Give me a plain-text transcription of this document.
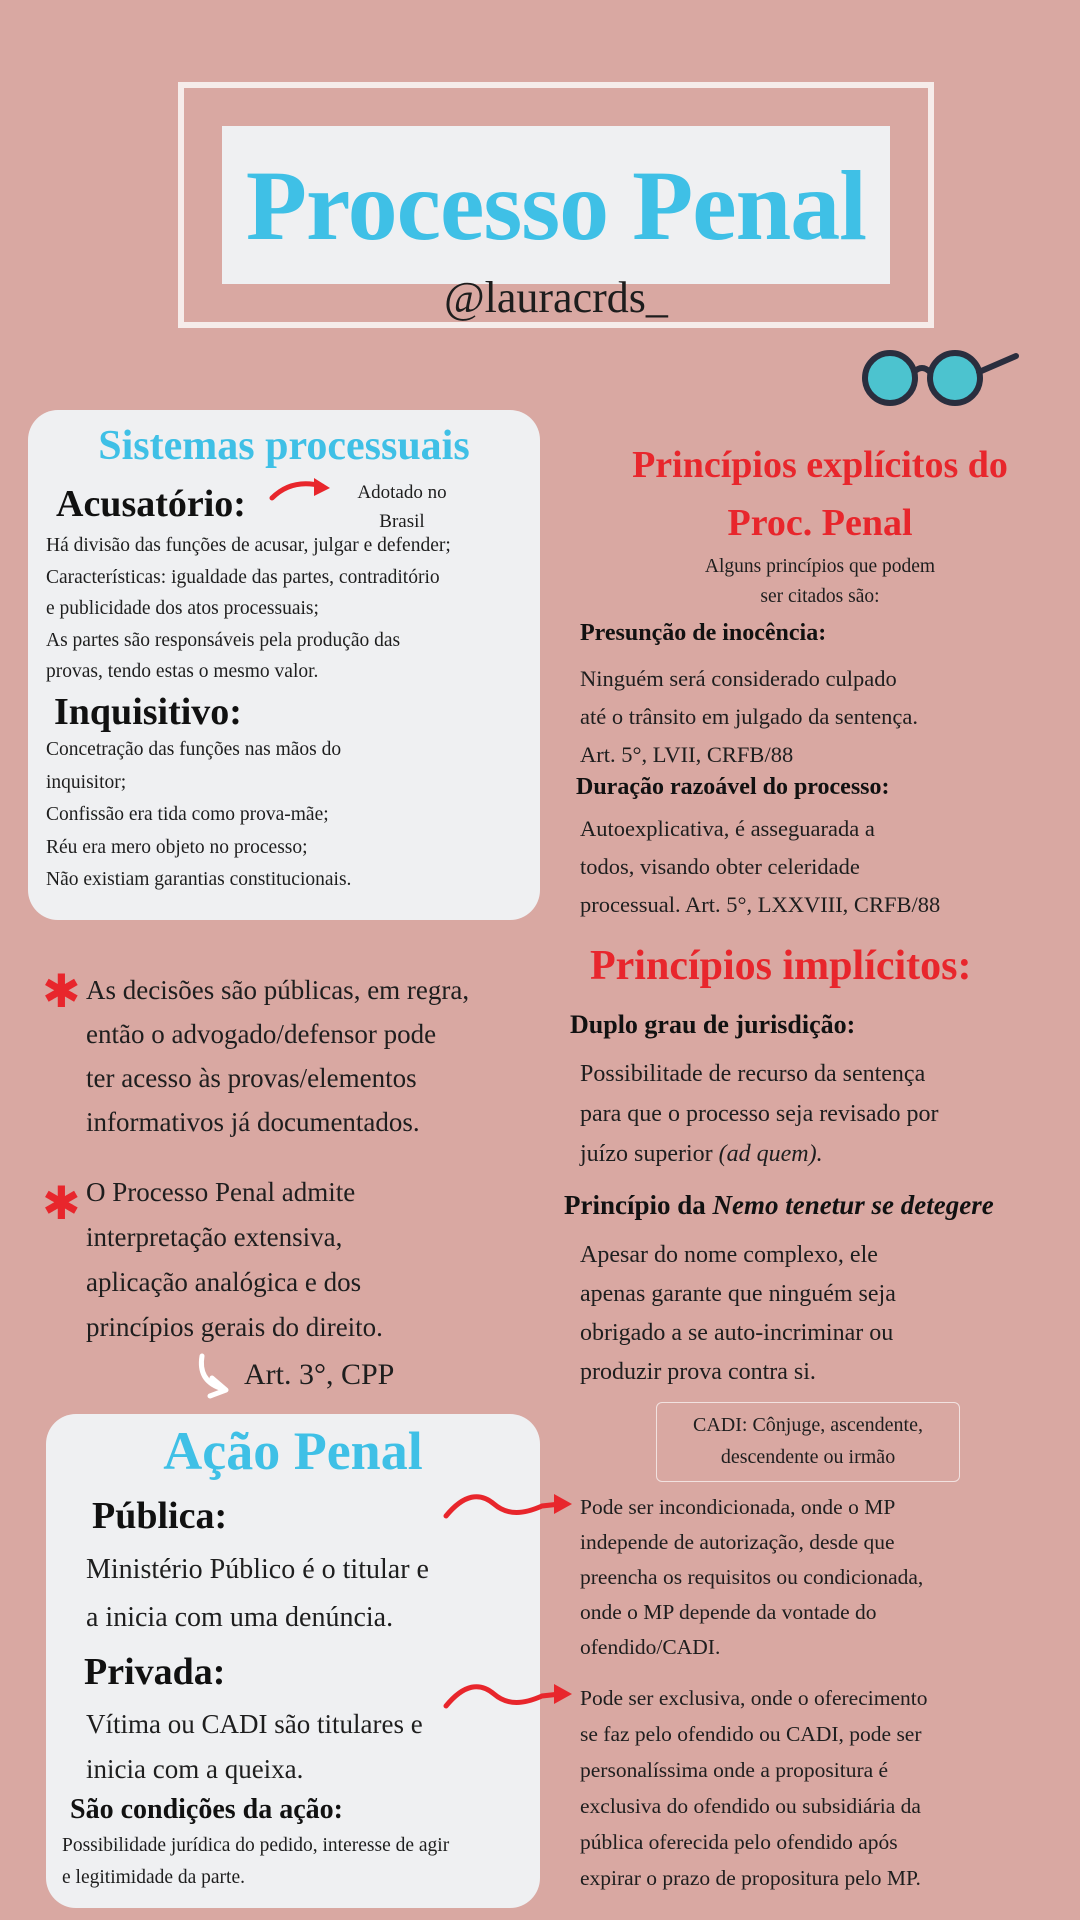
Processo Penal
@lauracrds_
Sistemas processuais
Acusatório:	Adotado no
Brasil
Há divisão das funções de acusar, julgar e defender;
Características: igualdade das partes, contraditório
e publicidade dos atos processuais;
As partes são responsáveis pela produção das
provas, tendo estas o mesmo valor.
Inquisitivo:
Concetração das funções nas mãos do
inquisitor;
Confissão era tida como prova-mãe;
Réu era mero objeto no processo;
Não existiam garantias constitucionais.
✱ As decisões são públicas, em regra,
então o advogado/defensor pode
ter acesso às provas/elementos
informativos já documentados.
✱ O Processo Penal admite
interpretação extensiva,
aplicação analógica e dos
princípios gerais do direito.
Art. 3°, CPP
Princípios explícitos do
Proc. Penal
Alguns princípios que podem
ser citados são:
Presunção de inocência:
Ninguém será considerado culpado
até o trânsito em julgado da sentença.
Art. 5°, LVII, CRFB/88
Duração razoável do processo:
Autoexplicativa, é asseguarada a
todos, visando obter celeridade
processual. Art. 5°, LXXVIII, CRFB/88
Princípios implícitos:
Duplo grau de jurisdição:
Possibilitade de recurso da sentença
para que o processo seja revisado por
juízo superior (ad quem).
Princípio da Nemo tenetur se detegere
Apesar do nome complexo, ele
apenas garante que ninguém seja
obrigado a se auto-incriminar ou
produzir prova contra si.
CADI: Cônjuge, ascendente,
descendente ou irmão
Ação Penal
Pública:
Ministério Público é o titular e
a inicia com uma denúncia.
Privada:
Vítima ou CADI são titulares e
inicia com a queixa.
São condições da ação:
Possibilidade jurídica do pedido, interesse de agir
e legitimidade da parte.
Pode ser incondicionada, onde o MP
independe de autorização, desde que
preencha os requisitos ou condicionada,
onde o MP depende da vontade do
ofendido/CADI.
Pode ser exclusiva, onde o oferecimento
se faz pelo ofendido ou CADI, pode ser
personalíssima onde a propositura é
exclusiva do ofendido ou subsidiária da
pública oferecida pelo ofendido após
expirar o prazo de propositura pelo MP.
